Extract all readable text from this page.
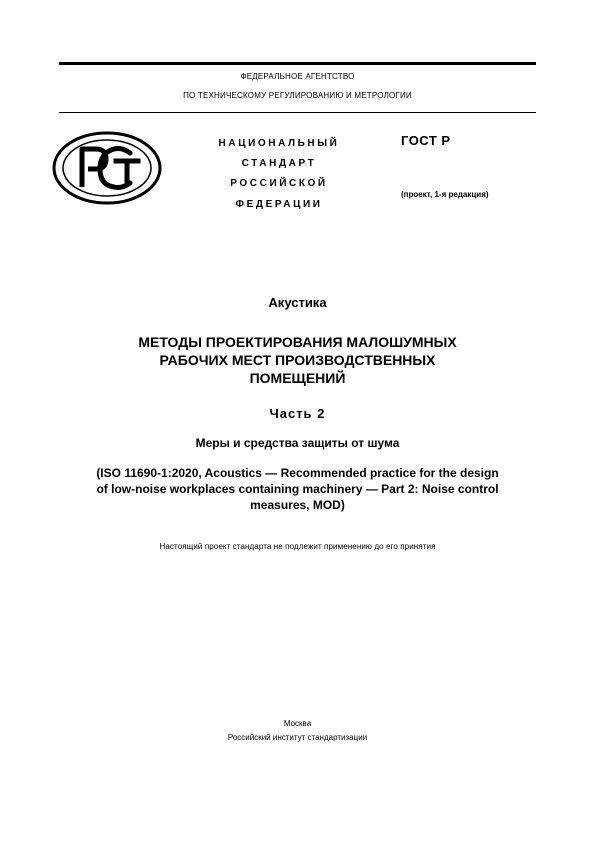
ФЕДЕРАЛЬНОЕ АГЕНТСТВО
ПО ТЕХНИЧЕСКОМУ РЕГУЛИРОВАНИЮ И МЕТРОЛОГИИ
НАЦИОНАЛЬНЫЙ
СТАНДАРТ
РОССИЙСКОЙ
ФЕДЕРАЦИИ
ГОСТ Р
(проект, 1-я редакция)
Акустика
МЕТОДЫ ПРОЕКТИРОВАНИЯ МАЛОШУМНЫХ
РАБОЧИХ МЕСТ ПРОИЗВОДСТВЕННЫХ
ПОМЕЩЕНИЙ
Часть 2
Меры и средства защиты от шума
(ISO 11690-1:2020, Acoustics — Recommended practice for the design
of low-noise workplaces containing machinery — Part 2: Noise control
measures, MOD)
Настоящий проект стандарта не подлежит применению до его принятия
Москва
Российский институт стандартизации
